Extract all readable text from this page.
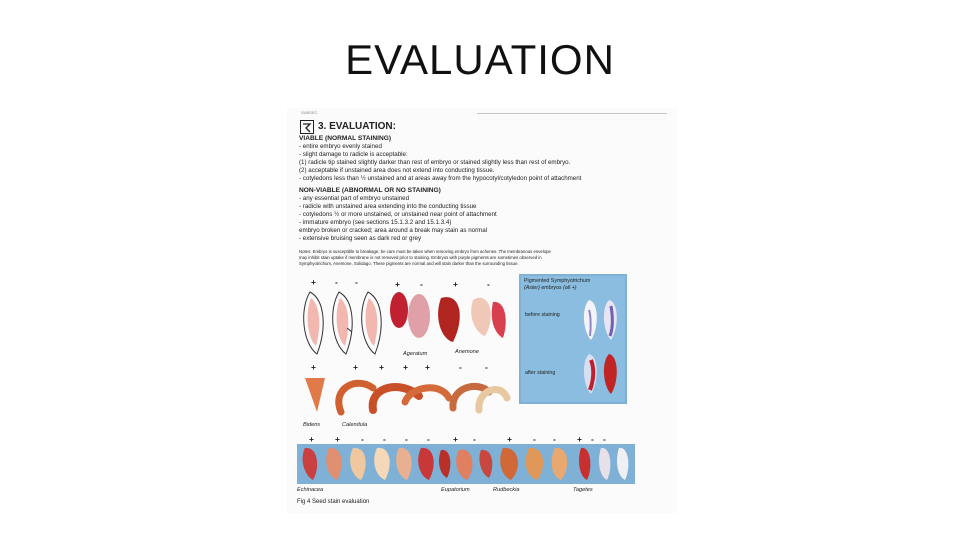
EVALUATION
SUBSEC
3. EVALUATION:
VIABLE (NORMAL STAINING)
- entire embryo evenly stained
- slight damage to radicle is acceptable:
(1) radicle tip stained slightly darker than rest of embryo or stained slightly less than rest of embryo.
(2) acceptable if unstained area does not extend into conducting tissue.
- cotyledons less than ½ unstained and at areas away from the hypocotyl/cotyledon point of attachment
NON-VIABLE (ABNORMAL OR NO STAINING)
- any essential part of embryo unstained
- radicle with unstained area extending into the conducting tissue
- cotyledons ½ or more unstained, or unstained near point of attachment
- immature embryo (see sections 15.1.3.2 and 15.1.3.4)
embryo broken or cracked; area around a break may stain as normal
- extensive bruising seen as dark red or grey
Notes: Embryo is susceptible to breakage; be care must be taken when removing embryo from achenes. The membranous envelope
may inhibit stain uptake if membrane is not removed prior to staining. Embryos with purple pigments are sometimes observed in
Symphyotrichum, Anemone, Solidago. These pigments are normal and will stain darker than the surrounding tissue.
+ - -	+ -	+	-
Ageratum	Anemone
Pigmented Symphyotrichum
(Aster) embryos (all +)
before staining
after staining
+	+ + + +	-	-
Bidens	Calendula
+ + - - - -	+ -	+ - - + - -
Echinacea	Eupatorium	Rudbeckia	Tagetes
Fig 4 Seed stain evaluation
